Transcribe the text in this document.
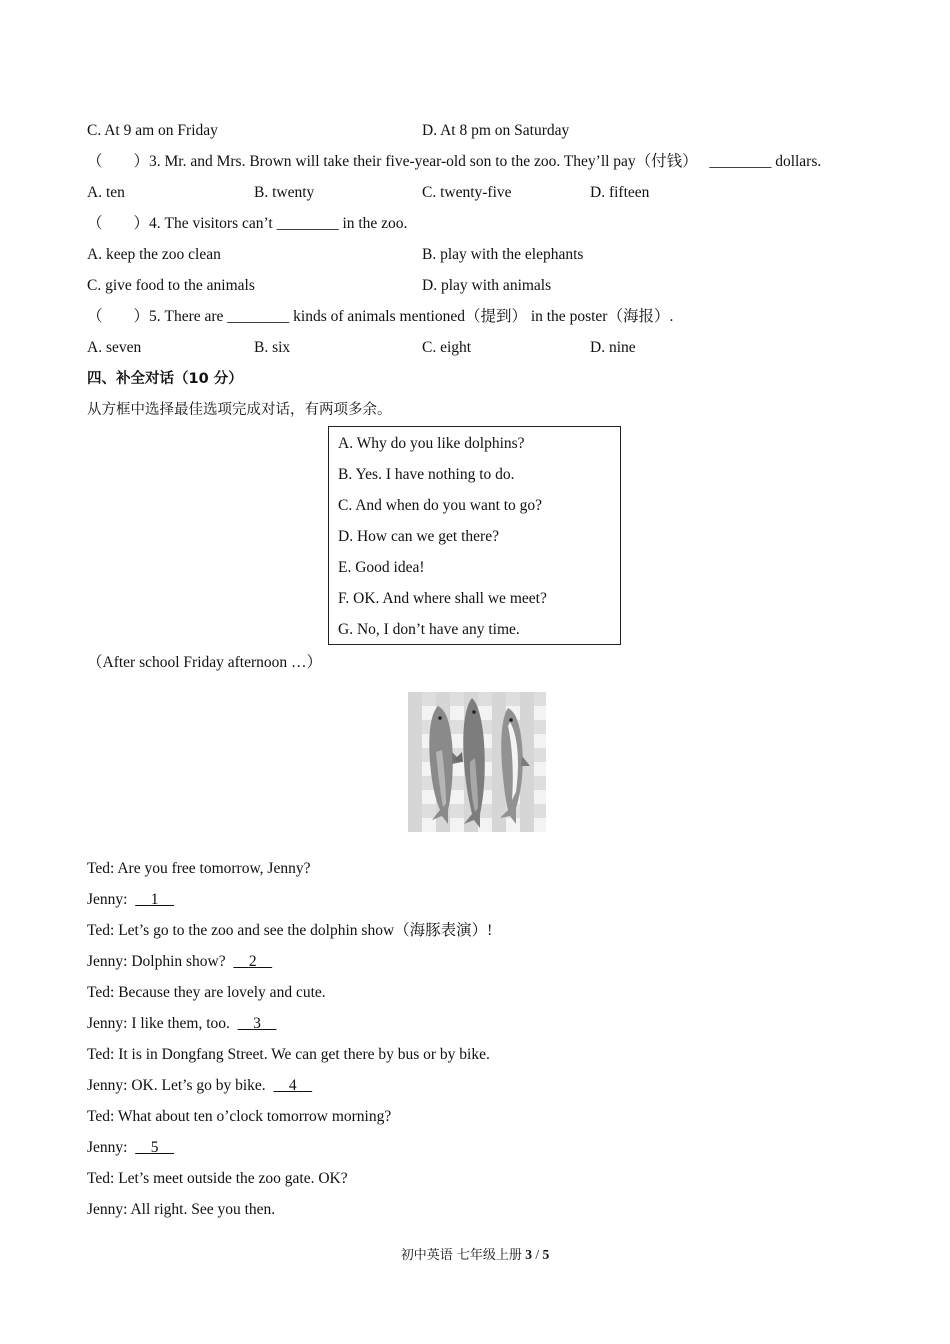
C. At 9 am on Friday	D. At 8 pm on Saturday
（　　）3. Mr. and Mrs. Brown will take their five-year-old son to the zoo. They’ll pay（付钱） ________ dollars.
A. ten	B. twenty	C. twenty-five	D. fifteen
（　　）4. The visitors can’t ________ in the zoo.
A. keep the zoo clean	B. play with the elephants
C. give food to the animals	D. play with animals
（　　）5. There are ________ kinds of animals mentioned（提到） in the poster（海报）.
A. seven	B. six	C. eight	D. nine
四、补全对话（10 分）
从方框中选择最佳选项完成对话，有两项多余。
A. Why do you like dolphins?
B. Yes. I have nothing to do.
C. And when do you want to go?
D. How can we get there?
E. Good idea!
F. OK. And where shall we meet?
G. No, I don’t have any time.
（After school Friday afternoon …）
Ted: Are you free tomorrow, Jenny?
Jenny:      1
Ted: Let’s go to the zoo and see the dolphin show（海豚表演）!
Jenny: Dolphin show?      2
Ted: Because they are lovely and cute.
Jenny: I like them, too.      3
Ted: It is in Dongfang Street. We can get there by bus or by bike.
Jenny: OK. Let’s go by bike.      4
Ted: What about ten o’clock tomorrow morning?
Jenny:      5
Ted: Let’s meet outside the zoo gate. OK?
Jenny: All right. See you then.
初中英语 七年级上册 3 / 5
